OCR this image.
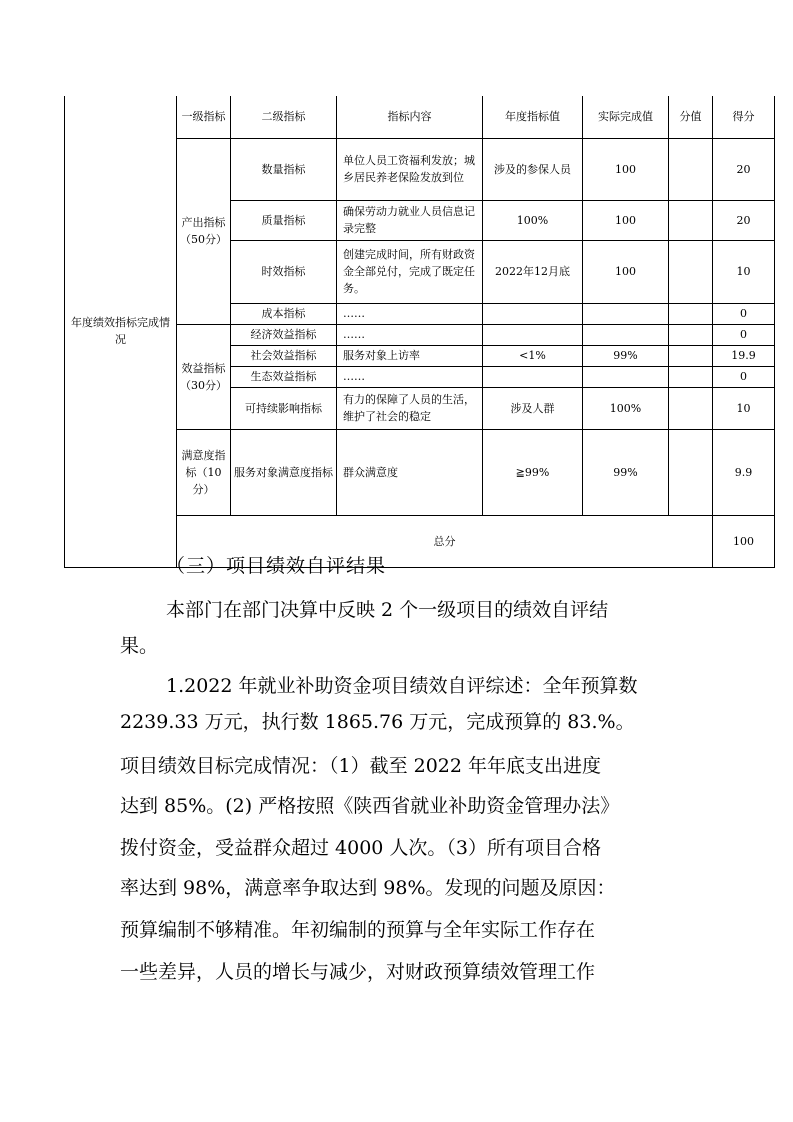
年度绩效指标完成情况	一级指标	二级指标	指标内容	年度指标值	实际完成值	分值	得分	
	产出指标（50分）	数量指标	单位人员工资福利发放；城乡居民养老保险发放到位	涉及的参保人员	100		20	
		质量指标	确保劳动力就业人员信息记录完整	100%	100		20	
		时效指标	创建完成时间，所有财政资金全部兑付，完成了既定任务。	2022年12月底	100		10	
		成本指标	……				0	
	效益指标（30分）	经济效益指标	……				0	
		社会效益指标	服务对象上访率	<1%	99%		19.9	
		生态效益指标	……				0	
		可持续影响指标	有力的保障了人员的生活，维护了社会的稳定	涉及人群	100%		10	
	满意度指标（10分）	服务对象满意度指标	群众满意度	≧99%	99%		9.9	
	总分						100	
（三）项目绩效自评结果
本部门在部门决算中反映 2 个一级项目的绩效自评结
果。
1.2022 年就业补助资金项目绩效自评综述：全年预算数
2239.33 万元，执行数 1865.76 万元，完成预算的 83.%。
项目绩效目标完成情况：（1）截至 2022 年年底支出进度
达到 85%。(2) 严格按照《陕西省就业补助资金管理办法》
拨付资金，受益群众超过 4000 人次。（3）所有项目合格
率达到 98%，满意率争取达到 98%。发现的问题及原因：
预算编制不够精准。年初编制的预算与全年实际工作存在
一些差异，人员的增长与减少，对财政预算绩效管理工作
